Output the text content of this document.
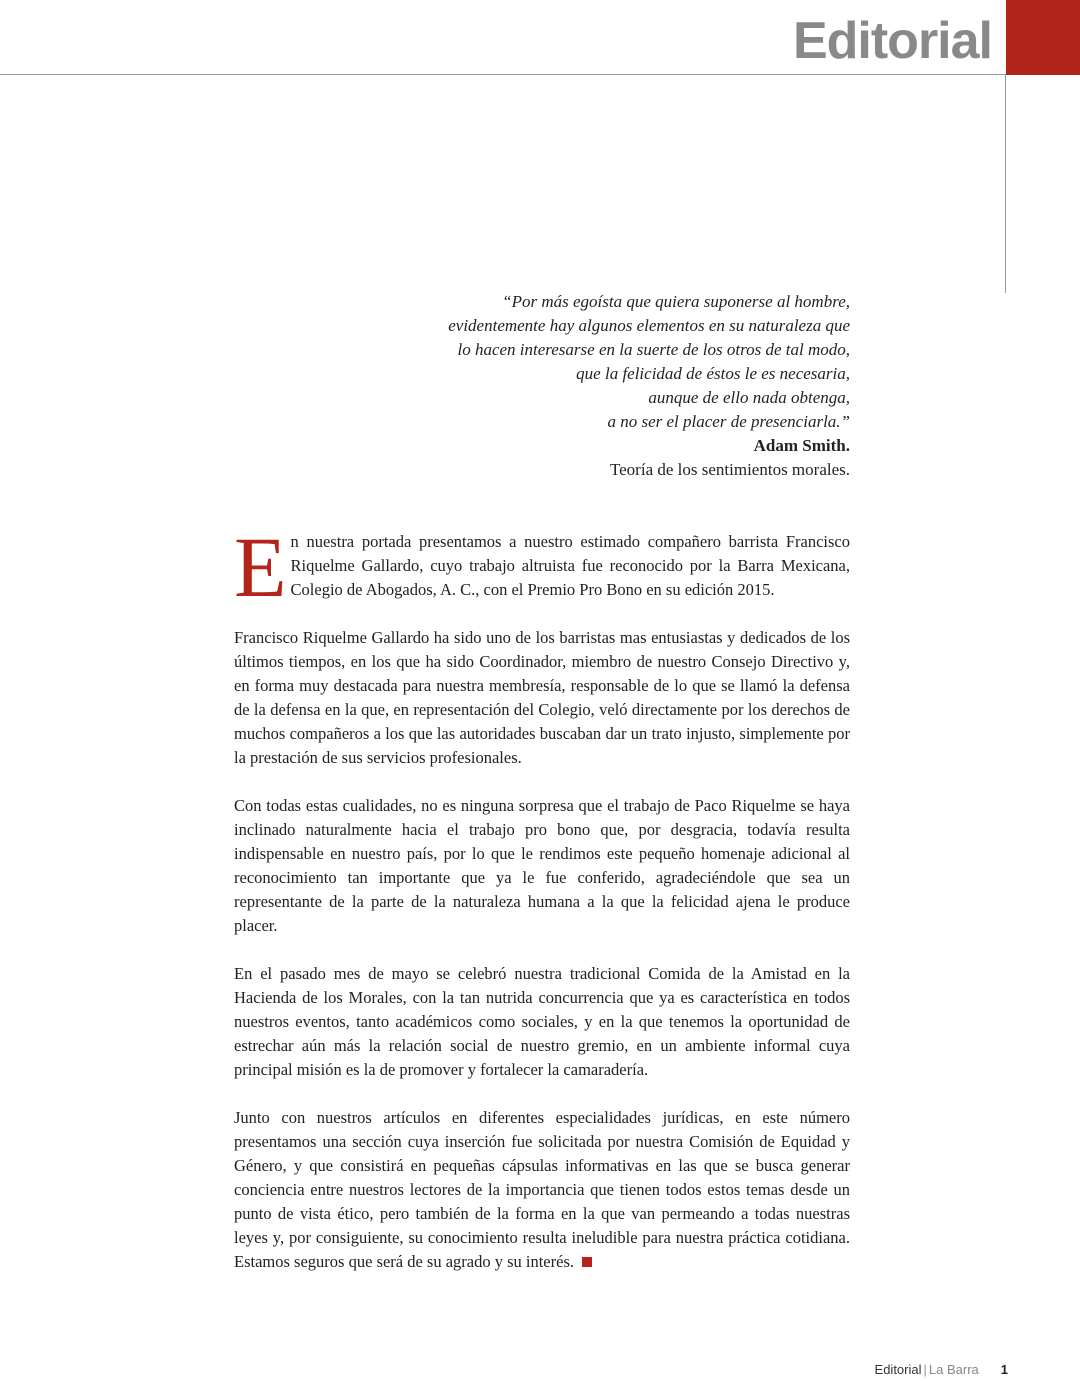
Editorial
“Por más egoísta que quiera suponerse al hombre,
evidentemente hay algunos elementos en su naturaleza que
lo hacen interesarse en la suerte de los otros de tal modo,
que la felicidad de éstos le es necesaria,
aunque de ello nada obtenga,
a no ser el placer de presenciarla.”
Adam Smith.
Teoría de los sentimientos morales.

En nuestra portada presentamos a nuestro estimado compañero barrista Francisco Riquelme Gallardo, cuyo trabajo altruista fue reconocido por la Barra Mexicana, Colegio de Abogados, A. C., con el Premio Pro Bono en su edición 2015.

Francisco Riquelme Gallardo ha sido uno de los barristas mas entusiastas y dedicados de los últimos tiempos, en los que ha sido Coordinador, miembro de nuestro Consejo Directivo y, en forma muy destacada para nuestra membresía, responsable de lo que se llamó la defensa de la defensa en la que, en representación del Colegio, veló directamente por los derechos de muchos compañeros a los que las autoridades buscaban dar un trato injusto, simplemente por la prestación de sus servicios profesionales.

Con todas estas cualidades, no es ninguna sorpresa que el trabajo de Paco Riquelme se haya inclinado naturalmente hacia el trabajo pro bono que, por desgracia, todavía resulta indispensable en nuestro país, por lo que le rendimos este pequeño homenaje adicional al reconocimiento tan importante que ya le fue conferido, agradeciéndole que sea un representante de la parte de la naturaleza humana a la que la felicidad ajena le produce placer.

En el pasado mes de mayo se celebró nuestra tradicional Comida de la Amistad en la Hacienda de los Morales, con la tan nutrida concurrencia que ya es característica en todos nuestros eventos, tanto académicos como sociales, y en la que tenemos la oportunidad de estrechar aún más la relación social de nuestro gremio, en un ambiente informal cuya principal misión es la de promover y fortalecer la camaradería.

Junto con nuestros artículos en diferentes especialidades jurídicas, en este número presentamos una sección cuya inserción fue solicitada por nuestra Comisión de Equidad y Género, y que consistirá en pequeñas cápsulas informativas en las que se busca generar conciencia entre nuestros lectores de la importancia que tienen todos estos temas desde un punto de vista ético, pero también de la forma en la que van permeando a todas nuestras leyes y, por consiguiente, su conocimiento resulta ineludible para nuestra práctica cotidiana. Estamos seguros que será de su agrado y su interés.

Editorial | La Barra 1
